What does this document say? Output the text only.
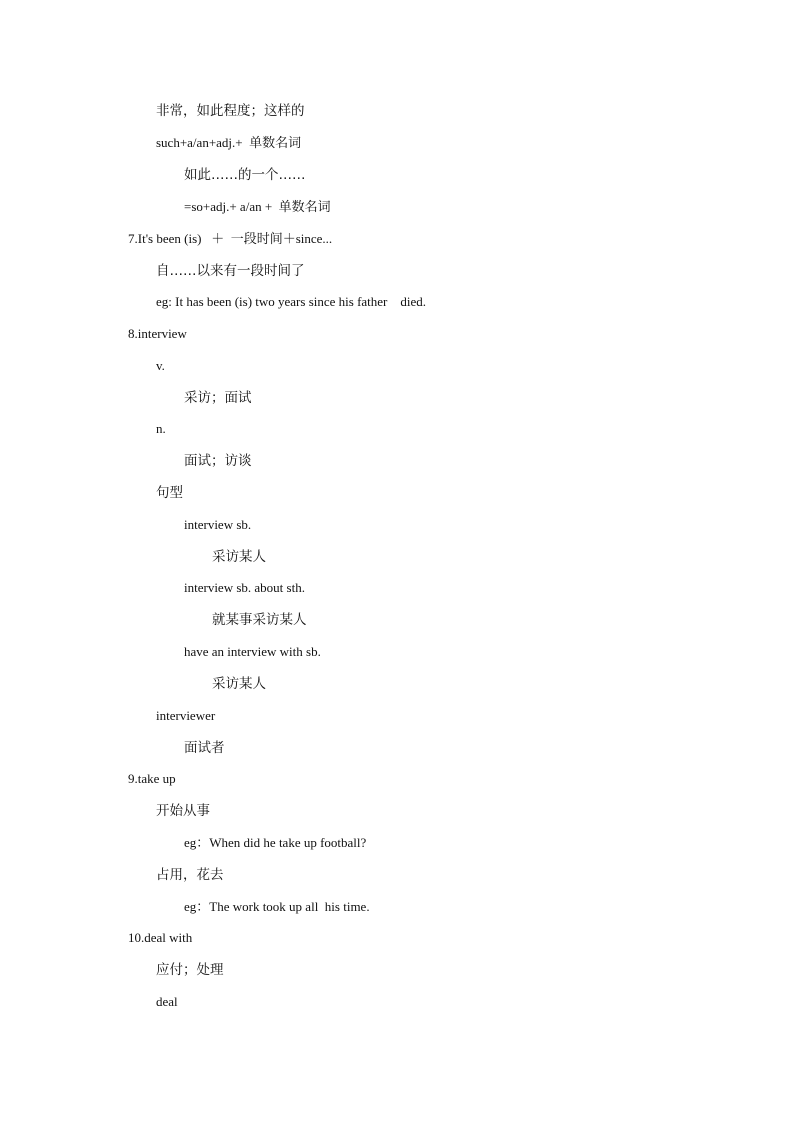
非常，如此程度；这样的
such+a/an+adj.+  单数名词
如此……的一个……
=so+adj.+ a/an +  单数名词
7.It's been (is)   ＋  一段时间＋since...
自……以来有一段时间了
eg: It has been (is) two years since his father    died.
8.interview
v.
采访；面试
n.
面试；访谈
句型
interview sb.
采访某人
interview sb. about sth.
就某事采访某人
have an interview with sb.
采访某人
interviewer
面试者
9.take up
开始从事
eg：When did he take up football?
占用，花去
eg：The work took up all  his time.
10.deal with
应付；处理
deal
